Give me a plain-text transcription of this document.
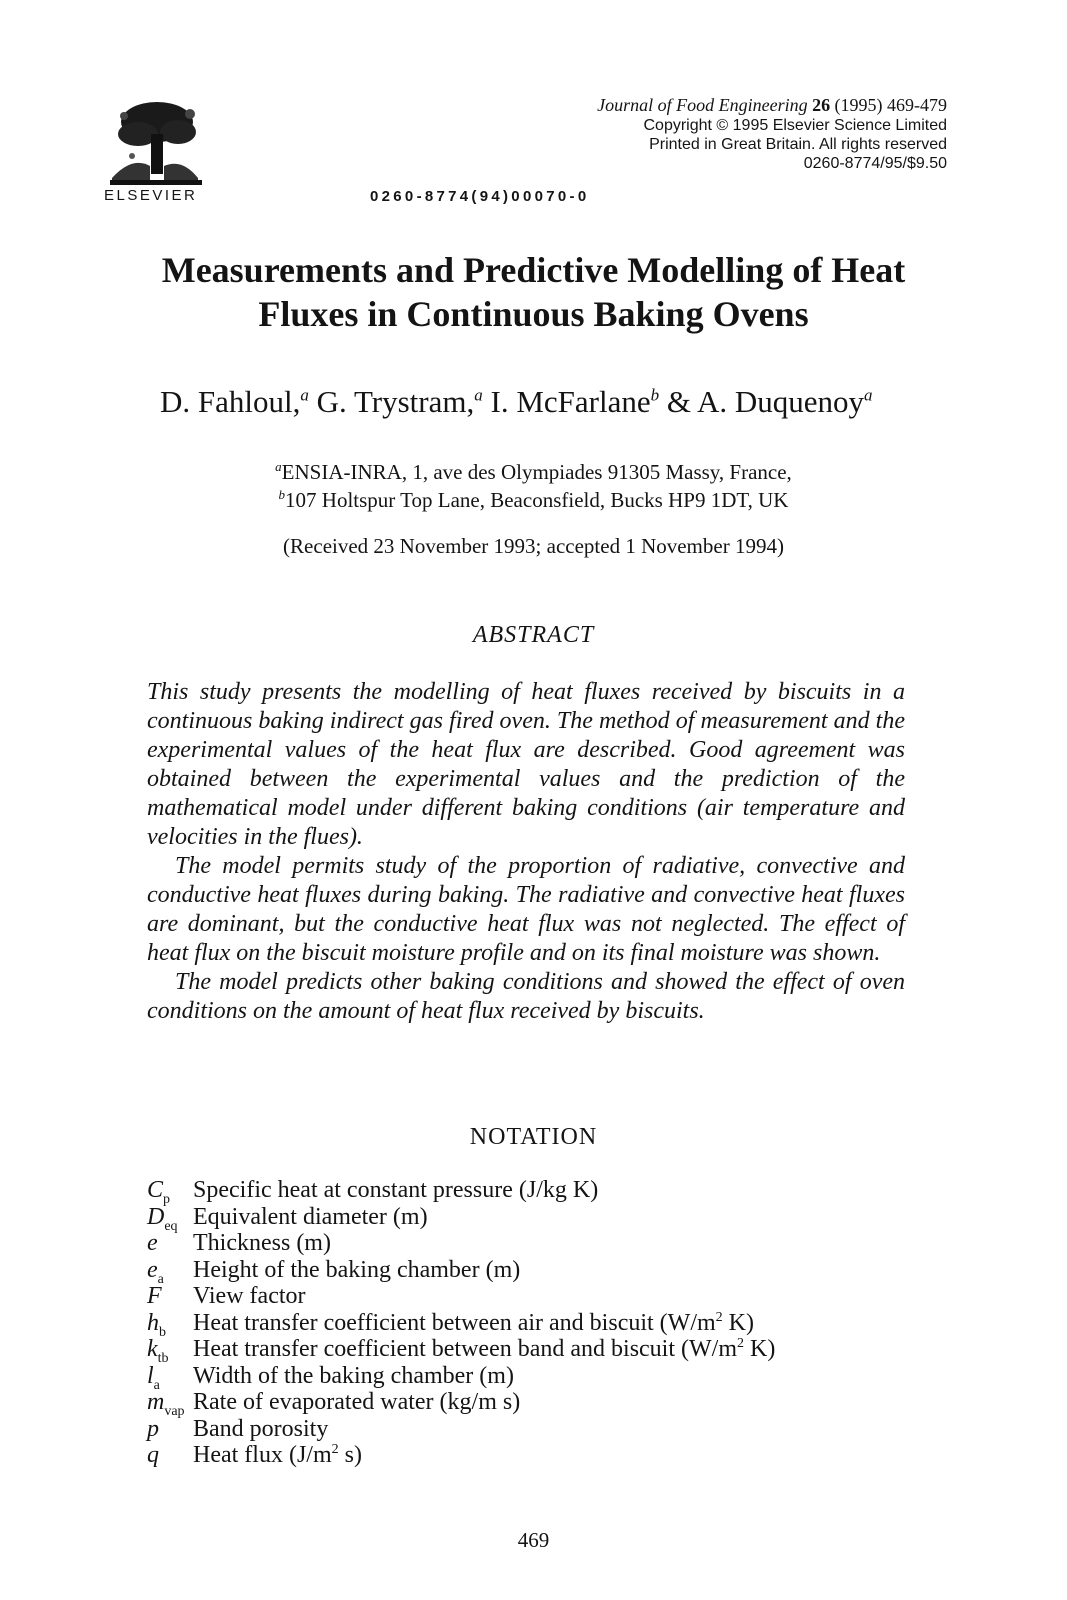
ELSEVIER	0260-8774(94)00070-0
Journal of Food Engineering 26 (1995) 469-479
Copyright © 1995 Elsevier Science Limited
Printed in Great Britain. All rights reserved
0260-8774/95/$9.50
Measurements and Predictive Modelling of Heat
Fluxes in Continuous Baking Ovens
D. Fahloul,$^a$ G. Trystram,$^a$ I. McFarlane$^b$ & A. Duquenoy$^a$
$^a$ENSIA-INRA, 1, ave des Olympiades 91305 Massy, France,
$^b$107 Holtspur Top Lane, Beaconsfield, Bucks HP9 1DT, UK
(Received 23 November 1993; accepted 1 November 1994)
ABSTRACT

This study presents the modelling of heat fluxes received by biscuits in a continuous baking indirect gas fired oven. The method of measurement and the experimental values of the heat flux are described. Good agreement was obtained between the experimental values and the prediction of the mathematical model under different baking conditions (air temperature and velocities in the flues).

The model permits study of the proportion of radiative, convective and conductive heat fluxes during baking. The radiative and convective heat fluxes are dominant, but the conductive heat flux was not neglected. The effect of heat flux on the biscuit moisture profile and on its final moisture was shown.

The model predicts other baking conditions and showed the effect of oven conditions on the amount of heat flux received by biscuits.

NOTATION
$C_p$ Specific heat at constant pressure (J/kg K)
$D_{eq}$ Equivalent diameter (m)
e	Thickness (m)
$e_a$	Height of the baking chamber (m)
F	View factor
$h_b$	Heat transfer coefficient between air and biscuit ($W/m^2$ K)
$k_{tb}$	Heat transfer coefficient between band and biscuit ($W/m^2$ K)
$l_a$	Width of the baking chamber (m)
$m_{vap}$ Rate of evaporated water (kg/m s)
p	Band porosity
q	Heat flux ($J/m^2$ s)
469
